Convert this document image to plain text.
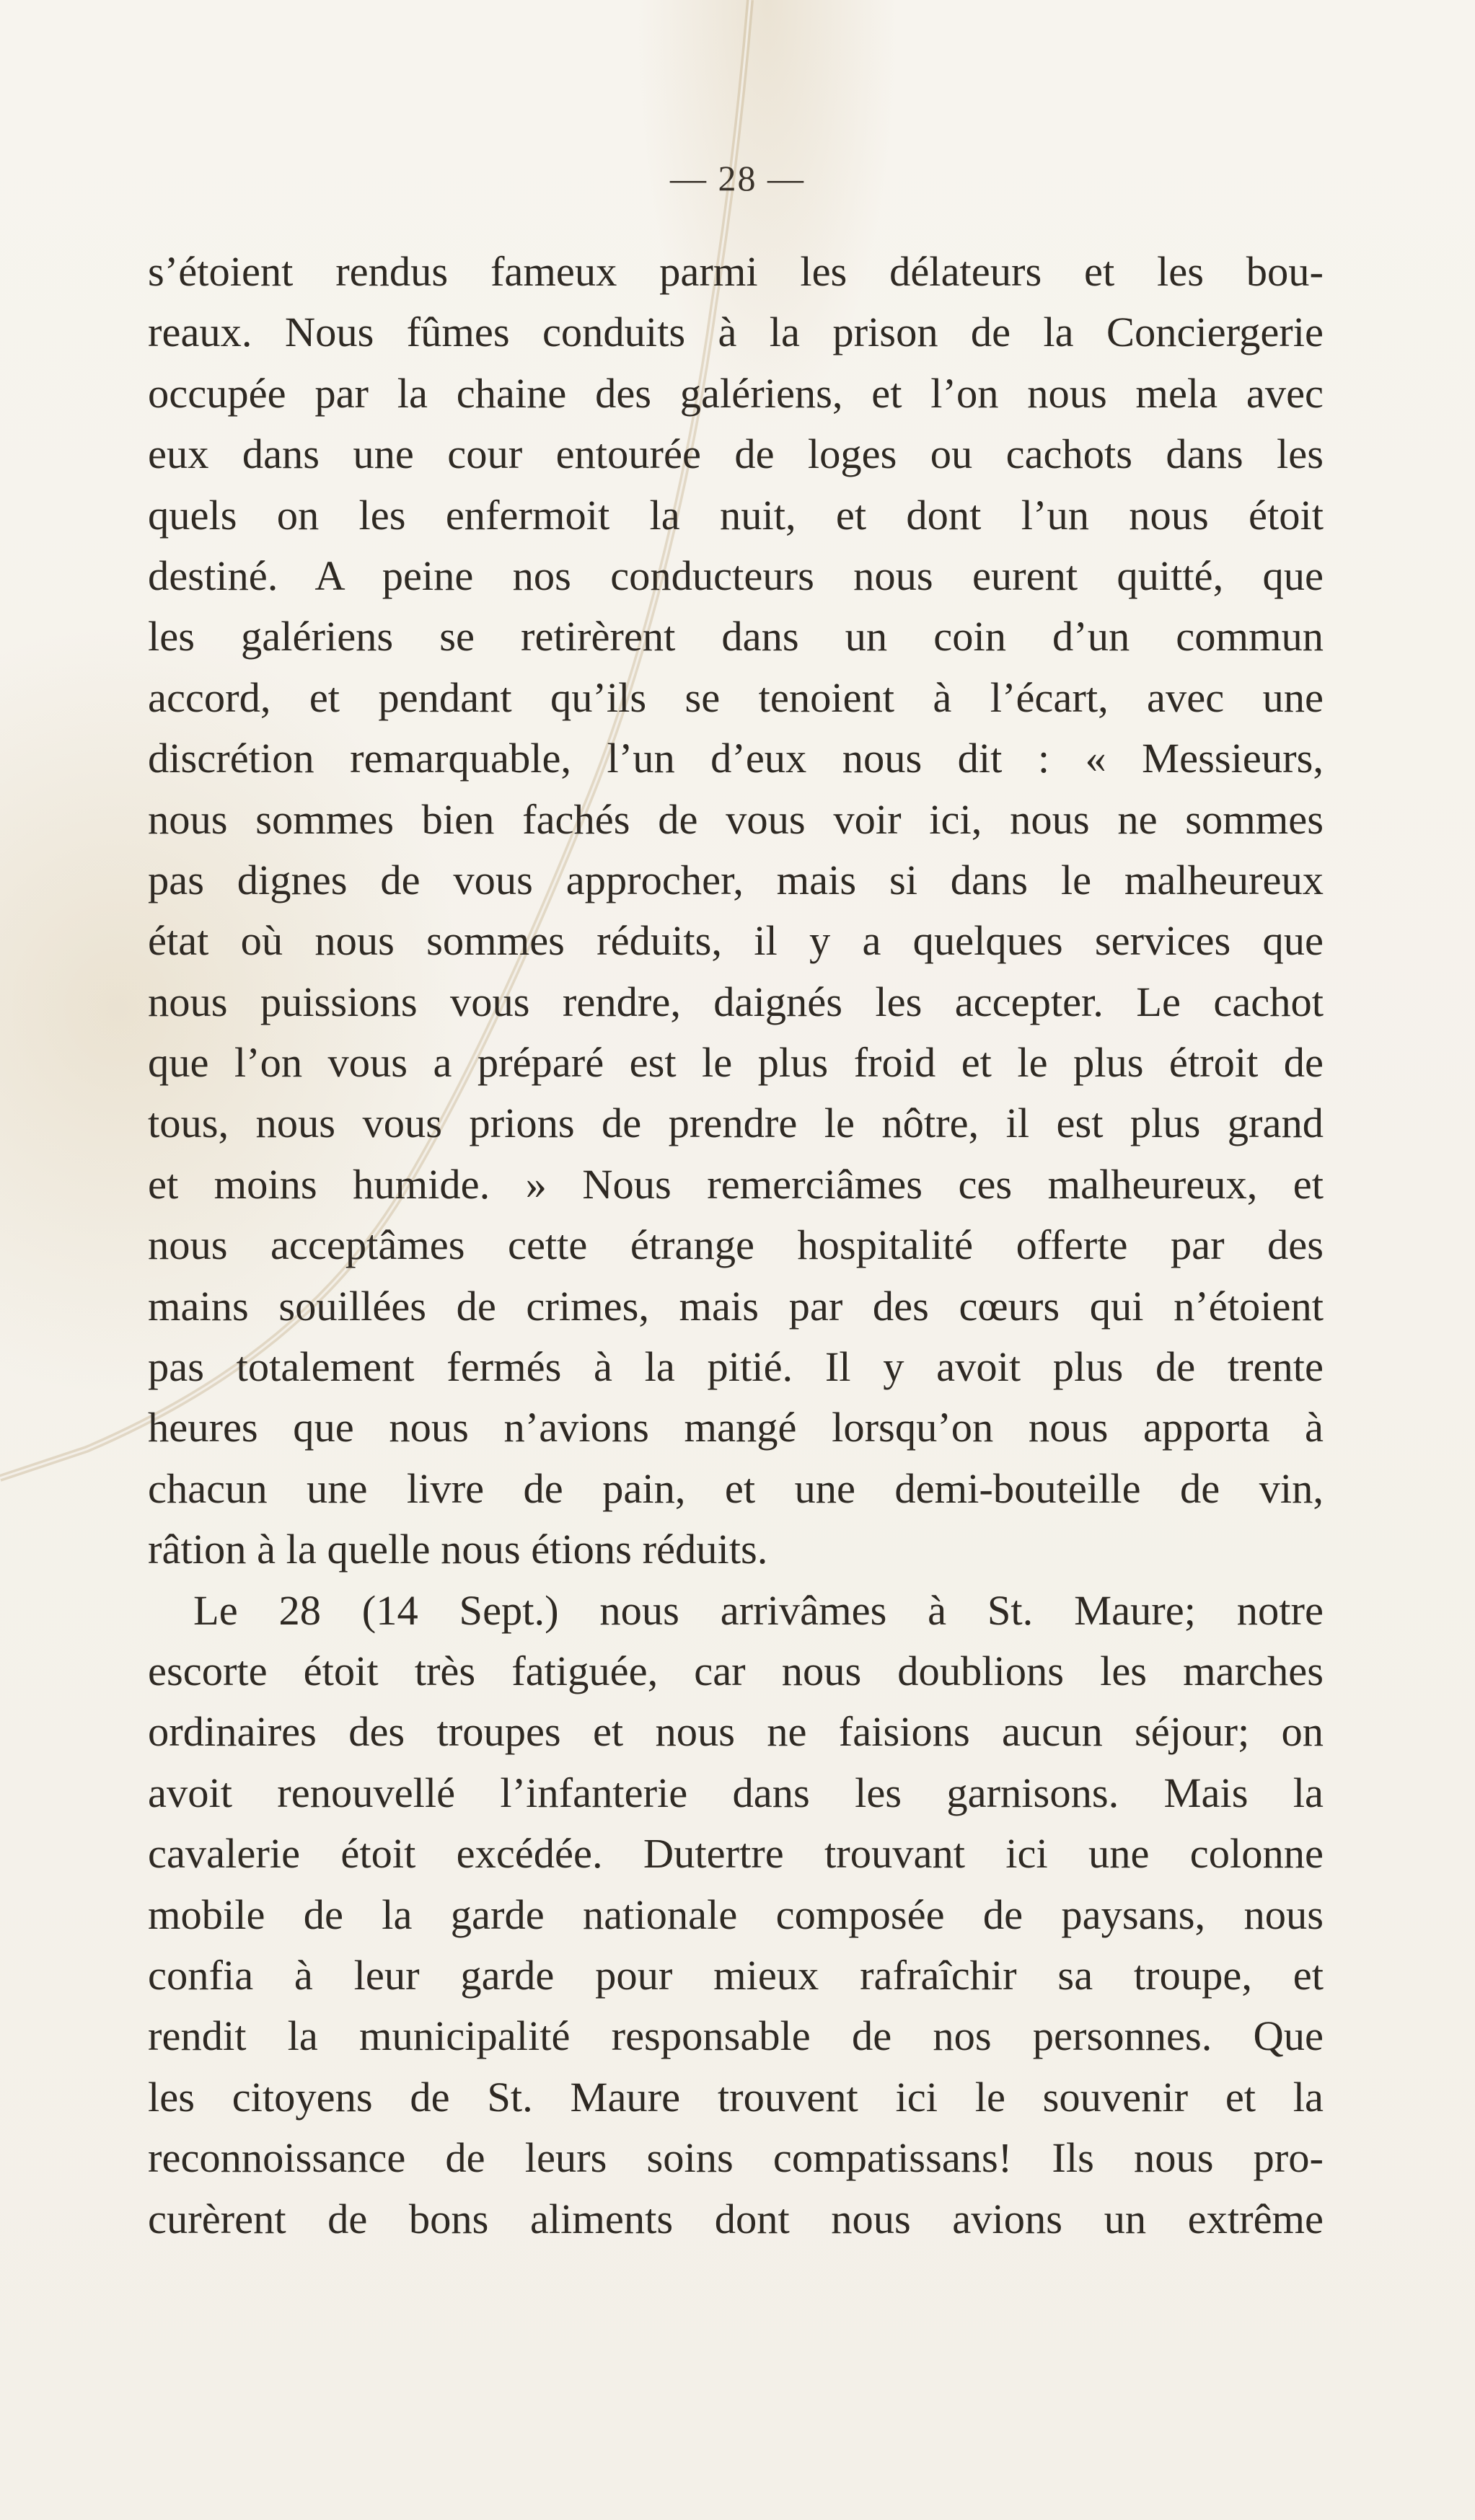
— 28 —
s’étoient rendus fameux parmi les délateurs et les bou-
reaux. Nous fûmes conduits à la prison de la Conciergerie
occupée par la chaine des galériens, et l’on nous mela avec
eux dans une cour entourée de loges ou cachots dans les
quels on les enfermoit la nuit, et dont l’un nous étoit
destiné. A peine nos conducteurs nous eurent quitté, que
les galériens se retirèrent dans un coin d’un commun
accord, et pendant qu’ils se tenoient à l’écart, avec une
discrétion remarquable, l’un d’eux nous dit : « Messieurs,
nous sommes bien fachés de vous voir ici, nous ne sommes
pas dignes de vous approcher, mais si dans le malheureux
état où nous sommes réduits, il y a quelques services que
nous puissions vous rendre, daignés les accepter. Le cachot
que l’on vous a préparé est le plus froid et le plus étroit de
tous, nous vous prions de prendre le nôtre, il est plus grand
et moins humide. » Nous remerciâmes ces malheureux, et
nous acceptâmes cette étrange hospitalité offerte par des
mains souillées de crimes, mais par des cœurs qui n’étoient
pas totalement fermés à la pitié. Il y avoit plus de trente
heures que nous n’avions mangé lorsqu’on nous apporta à
chacun une livre de pain, et une demi-bouteille de vin,
râtion à la quelle nous étions réduits.
Le 28 (14 Sept.) nous arrivâmes à St. Maure; notre
escorte étoit très fatiguée, car nous doublions les marches
ordinaires des troupes et nous ne faisions aucun séjour; on
avoit renouvellé l’infanterie dans les garnisons. Mais la
cavalerie étoit excédée. Dutertre trouvant ici une colonne
mobile de la garde nationale composée de paysans, nous
confia à leur garde pour mieux rafraîchir sa troupe, et
rendit la municipalité responsable de nos personnes. Que
les citoyens de St. Maure trouvent ici le souvenir et la
reconnoissance de leurs soins compatissans! Ils nous pro-
curèrent de bons aliments dont nous avions un extrême
